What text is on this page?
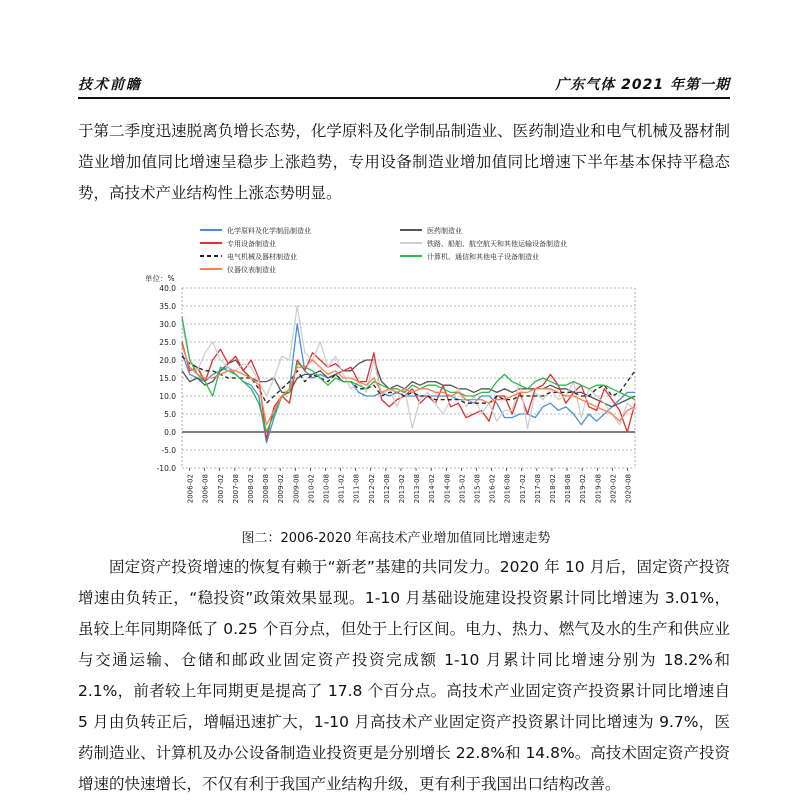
技术前瞻	广东气体 2021 年第一期

于第二季度迅速脱离负增长态势，化学原料及化学制品制造业、医药制造业和电气机械及器材制造业增加值同比增速呈稳步上涨趋势，专用设备制造业增加值同比增速下半年基本保持平稳态势，高技术产业结构性上涨态势明显。

化学原料及化学制品制造业	医药制造业
专用设备制造业	铁路、船舶、航空航天和其他运输设备制造业
电气机械及器材制造业	计算机、通信和其他电子设备制造业
仪器仪表制造业
单位：%
40.0
35.0
30.0
25.0
20.0
15.0
10.0
5.0
0.0
-5.0
-10.0
2006-02 2006-08 2007-02 2007-08 2008-02 2008-08 2009-02 2009-08 2010-02 2010-08 2011-02 2011-08 2012-02 2012-08 2013-02 2013-08 2014-02 2014-08 2015-02 2015-08 2016-02 2016-08 2017-02 2017-08 2018-02 2018-08 2019-02 2019-08 2020-02 2020-08
图二：2006-2020 年高技术产业增加值同比增速走势

固定资产投资增速的恢复有赖于“新老”基建的共同发力。2020 年 10 月后，固定资产投资增速由负转正，“稳投资”政策效果显现。1-10 月基础设施建设投资累计同比增速为 3.01%，虽较上年同期降低了 0.25 个百分点，但处于上行区间。电力、热力、燃气及水的生产和供应业与交通运输、仓储和邮政业固定资产投资完成额 1-10 月累计同比增速分别为 18.2%和 2.1%，前者较上年同期更是提高了 17.8 个百分点。高技术产业固定资产投资累计同比增速自 5 月由负转正后，增幅迅速扩大，1-10 月高技术产业固定资产投资累计同比增速为 9.7%，医药制造业、计算机及办公设备制造业投资更是分别增长 22.8%和 14.8%。高技术固定资产投资增速的快速增长，不仅有利于我国产业结构升级，更有利于我国出口结构改善。
